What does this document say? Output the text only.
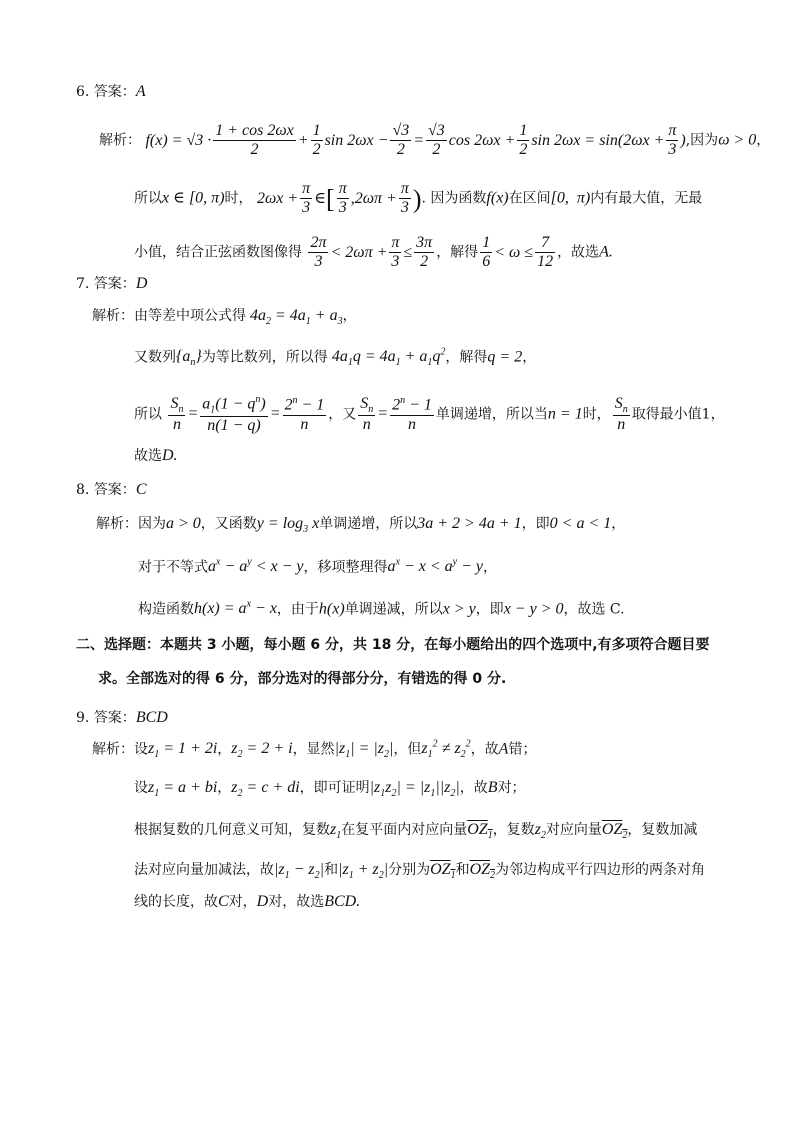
6. 答案：A
解析： $f(x) = √3 \cdot \frac{1 + \cos 2\omega x}{2} + \frac{1}{2}$ $\sin 2\omega x - \frac{√3}{2} = \frac{√3}{2}$ $\cos 2\omega x + \frac{1}{2}$ $\sin 2\omega x = \sin(2\omega x + \frac{\pi}{3}$ ),因为ω > 0，
所以x ∈ [0, π)时， $2\omega x + \frac{\pi}{3}$ ∈[ $\frac{\pi}{3} ,2\omega\pi + \frac{\pi}{3}$ ). 因为函数f(x)在区间[0,  π)内有最大值，无最
小值，结合正弦函数图像得 $\frac{2\pi}{3} < 2\omega\pi + \frac{\pi}{3} \le \frac{3\pi}{2}$ ，解得 $\frac{1}{6} < \omega \le \frac{7}{12}$ ，故选A.
7. 答案：D
解析：由等差中项公式得 $4a_2 = 4a_1 + a_3$，
又数列$\{a_n\}$为等比数列，所以得 $4a_1q = 4a_1 + a_1q^2$，解得q = 2，
所以 $\frac{S_n}{n} = \frac{a_1(1 - q^n)}{n(1 - q)} = \frac{2^n - 1}{n}$ ，又 $\frac{S_n}{n} = \frac{2^n - 1}{n}$ 单调递增，所以当n = 1时， $\frac{S_n}{n}$ 取得最小值1，
故选D.
8. 答案：C
解析：因为a > 0，又函数$y = \log_3 x$单调递增，所以3a + 2 > 4a + 1，即0 < a < 1，
对于不等式$a^x - a^y < x - y$，移项整理得$a^x - x < a^y - y$，
构造函数$h(x) = a^x - x$，由于h(x)单调递减，所以x > y，即x − y > 0，故选 C.
二、选择题：本题共 3 小题，每小题 6 分，共 18 分，在每小题给出的四个选项中,有多项符合题目要
求。全部选对的得 6 分，部分选对的得部分分，有错选的得 0 分.
9. 答案：BCD
解析：设$z_1 = 1 + 2i$，$z_2 = 2 + i$，显然$|z_1| = |z_2|$，但$z_1^2 \ne z_2^2$，故A错；
设$z_1 = a$ + bi，$z_2 = c$ + di，即可证明$|z_1z_2| = |z_1||z_2|$，故B对；
根据复数的几何意义可知，复数$z_1$在复平面内对应向量$OZ_1$，复数$z_2$对应向量$OZ_2$，复数加减
法对应向量加减法，故$|z_1 - z_2|$和$|z_1 + z_2|$分别为$OZ_1$和$OZ_2$为邻边构成平行四边形的两条对角
线的长度，故C对，D对，故选BCD.
